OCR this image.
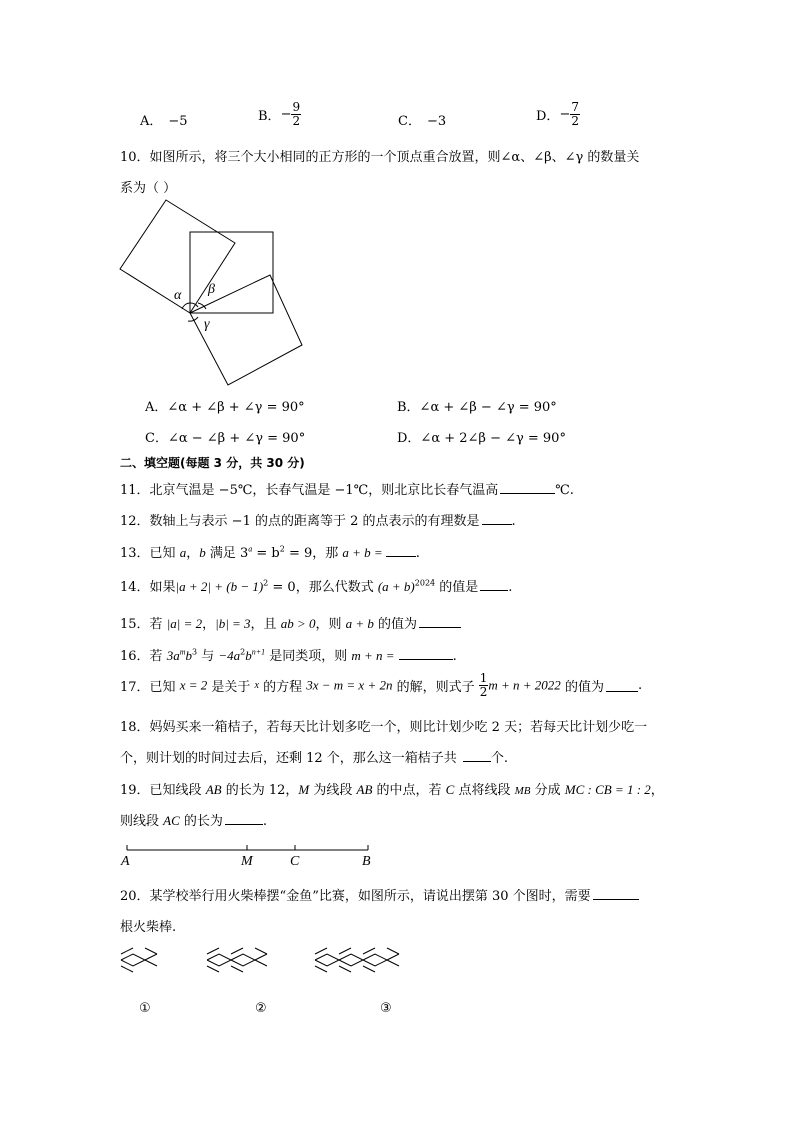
A． −5	B．− $\frac{9}{2}$	C． −3	D．− $\frac{7}{2}$
10．如图所示，将三个大小相同的正方形的一个顶点重合放置，则∠α、∠β、∠γ 的数量关
系为（ ）
α β
γ
A．∠α + ∠β + ∠γ = 90°	B．∠α + ∠β − ∠γ = 90°
C．∠α − ∠β + ∠γ = 90°	D．∠α + 2∠β − ∠γ = 90°
二、填空题(每题 3 分，共 30 分)
11．北京气温是 −5℃，长春气温是 −1℃，则北京比长春气温高	℃.
12．数轴上与表示 −1 的点的距离等于 2 的点表示的有理数是 .
13．已知 a，b 满足 $3^a = b^2 = 9$，那 a + b =	.
14．如果$|a + 2| + (b - 1)^2 = 0$，那么代数式 $(a + b)^{2024}$ 的值是 .
15．若 |a| = 2，|b| = 3，且 ab > 0，则 a + b 的值为
16．若 $3a^mb^3$ 与 $-4a^2b^{n+1}$ 是同类项，则 m + n =	.
17．已知 x = 2 是关于 x 的方程 3x − m = x + 2n 的解，则式子 $\frac{1}{2}$ m + n + 2022 的值为	.
18．妈妈买来一箱桔子，若每天比计划多吃一个，则比计划少吃 2 天；若每天比计划少吃一
个，则计划的时间过去后，还剩 12 个，那么这一箱桔子共	个.
19．已知线段 AB 的长为 12，M 为线段 AB 的中点，若 C 点将线段 MB 分成 MC : CB = 1 : 2，
则线段 AC 的长为	.
A	M	C	B
20．某学校举行用火柴棒摆“金鱼”比赛，如图所示，请说出摆第 30 个图时，需要
根火柴棒.
①	②	③
